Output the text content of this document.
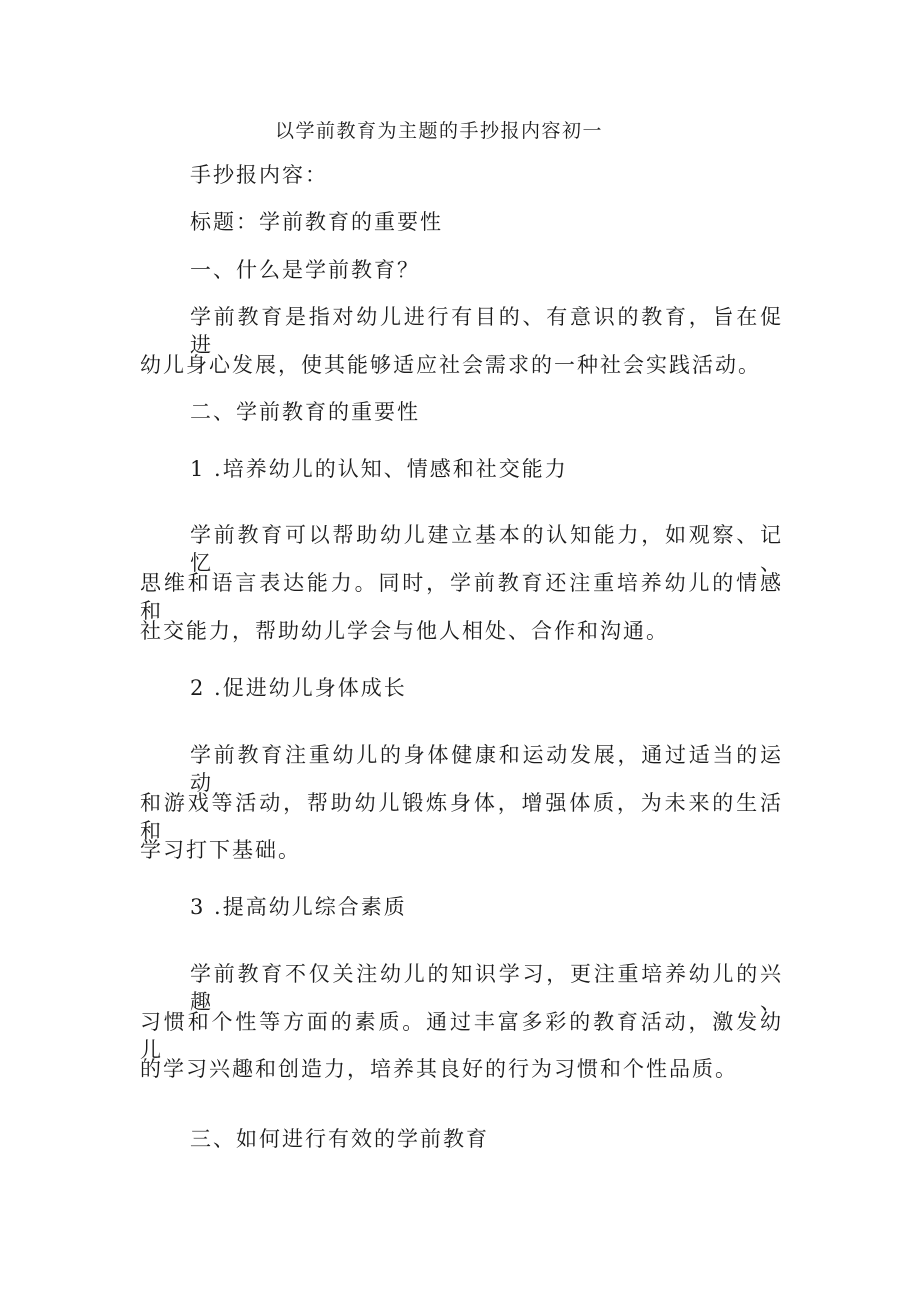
以学前教育为主题的手抄报内容初一
手抄报内容：
标题：学前教育的重要性
一、什么是学前教育？
学前教育是指对幼儿进行有目的、有意识的教育，旨在促进
幼儿身心发展，使其能够适应社会需求的一种社会实践活动。
二、学前教育的重要性
1 .培养幼儿的认知、情感和社交能力
学前教育可以帮助幼儿建立基本的认知能力，如观察、记忆、
思维和语言表达能力。同时，学前教育还注重培养幼儿的情感和
社交能力，帮助幼儿学会与他人相处、合作和沟通。
2 .促进幼儿身体成长
学前教育注重幼儿的身体健康和运动发展，通过适当的运动
和游戏等活动，帮助幼儿锻炼身体，增强体质，为未来的生活和
学习打下基础。
3 .提高幼儿综合素质
学前教育不仅关注幼儿的知识学习，更注重培养幼儿的兴趣、
习惯和个性等方面的素质。通过丰富多彩的教育活动，激发幼儿
的学习兴趣和创造力，培养其良好的行为习惯和个性品质。
三、如何进行有效的学前教育
